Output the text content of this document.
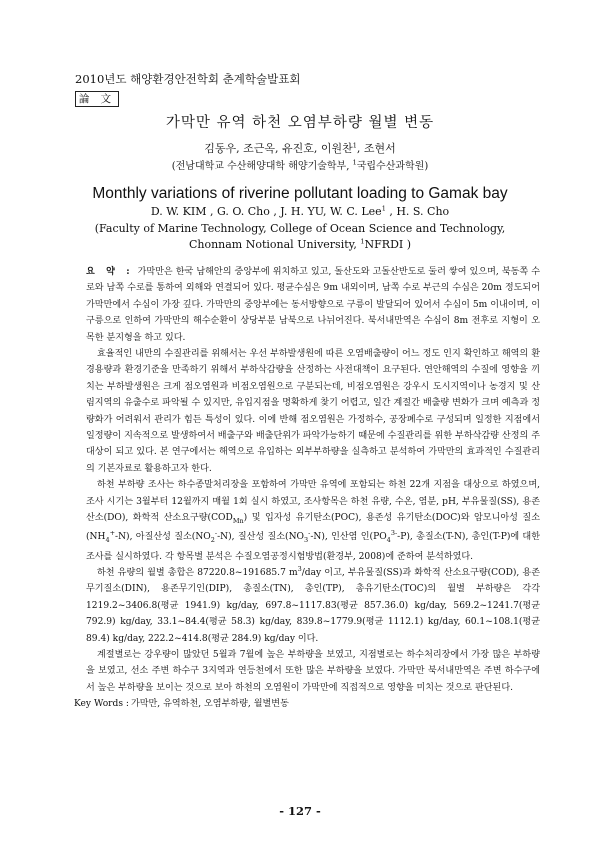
2010년도 해양환경안전학회 춘계학술발표회
論 文
가막만 유역 하천 오염부하량 월별 변동
김동우, 조근옥, 유진호, 이원찬$^1$, 조현서
(전남대학교 수산해양대학 해양기술학부, $^1$국립수산과학원)
Monthly variations of riverine pollutant loading to Gamak bay
D. W. KIM , G. O. Cho , J. H. YU, W. C. Lee$^1$ , H. S. Cho
(Faculty of Marine Technology, College of Ocean Science and Technology,
Chonnam Notional University, $^1$NFRDI )

요 약 : 가막만은 한국 남해안의 중앙부에 위치하고 있고, 돌산도와 고돌산반도로 둘러 쌓여 있으며, 북동쪽 수로와 남쪽 수로를 통하여 외해와 연결되어 있다. 평균수심은 9m 내외이며, 남쪽 수로 부근의 수심은 20m 정도되어 가막만에서 수심이 가장 깊다. 가막만의 중앙부에는 동서방향으로 구릉이 발달되어 있어서 수심이 5m 이내이며, 이 구릉으로 인하여 가막만의 해수순환이 상당부분 남북으로 나뉘어진다. 북서내만역은 수심이 8m 전후로 지형이 오목한 분지형을 하고 있다.

효율적인 내만의 수질관리를 위해서는 우선 부하발생원에 따른 오염배출량이 어느 정도 인지 확인하고 해역의 환경용량과 환경기준을 만족하기 위해서 부하삭감량을 산정하는 사전대책이 요구된다. 연안해역의 수질에 영향을 끼치는 부하발생원은 크게 점오염원과 비점오염원으로 구분되는데, 비점오염원은 강우시 도시지역이나 농경지 및 산림지역의 유출수로 파악될 수 있지만, 유입지점을 명확하게 찾기 어렵고, 일간 계절간 배출량 변화가 크며 예측과 정량화가 어려워서 관리가 힘든 특성이 있다. 이에 반해 점오염원은 가정하수, 공장폐수로 구성되며 일정한 지점에서 일정량이 지속적으로 발생하여서 배출구와 배출단위가 파악가능하기 때문에 수질관리를 위한 부하삭감량 산정의 주 대상이 되고 있다. 본 연구에서는 해역으로 유입하는 외부부하량을 실측하고 분석하여 가막만의 효과적인 수질관리의 기본자료로 활용하고자 한다.

하천 부하량 조사는 하수종말처리장을 포함하여 가막만 유역에 포함되는 하천 22개 지점을 대상으로 하였으며, 조사 시기는 3월부터 12월까지 매월 1회 실시 하였고, 조사항목은 하천 유량, 수온, 염분, pH, 부유물질(SS), 용존산소(DO), 화학적 산소요구량$(COD_{Mn})$ 및 입자성 유기탄소(POC), 용존성 유기탄소(DOC)와 암모니아성 질소$(NH_4^+-N)$, 아질산성 질소$(NO_2^--N)$, 질산성 질소$(NO_3^--N)$, 인산염 인$(PO_4^{3-}-P)$, 총질소(T-N), 총인(T-P)에 대한 조사를 실시하였다. 각 항목별 분석은 수질오염공정시험방법(환경부, 2008)에 준하여 분석하였다.

하천 유량의 월별 총합은 87220.8~191685.7 $m^3$/day 이고, 부유물질(SS)과 화학적 산소요구량(COD), 용존무기질소(DIN), 용존무기인(DIP), 총질소(TN), 총인(TP), 총유기탄소(TOC)의 월별 부하량은 각각 1219.2~3406.8(평균 1941.9) kg/day, 697.8~1117.83(평균 857.36.0) kg/day, 569.2~1241.7(평균 792.9) kg/day, 33.1~84.4(평균 58.3) kg/day, 839.8~1779.9(평균 1112.1) kg/day, 60.1~108.1(평균 89.4) kg/day, 222.2~414.8(평균 284.9) kg/day 이다.

계절별로는 강우량이 많았던 5월과 7월에 높은 부하량을 보였고, 지점별로는 하수처리장에서 가장 많은 부하량을 보였고, 선소 주변 하수구 3지역과 연등천에서 또한 많은 부하량을 보였다. 가막만 북서내만역은 주변 하수구에서 높은 부하량을 보이는 것으로 보아 하천의 오염원이 가막만에 직접적으로 영향을 미치는 것으로 판단된다.

Key Words : 가막만, 유역하천, 오염부하량, 월별변동

- 127 -
